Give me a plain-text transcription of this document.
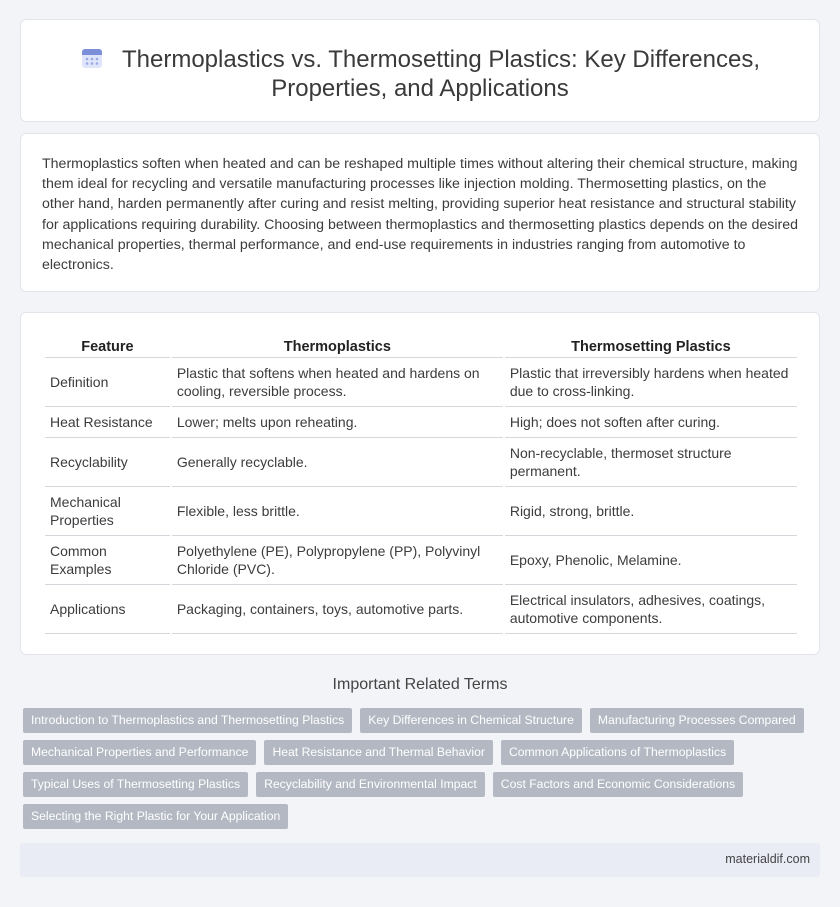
Thermoplastics vs. Thermosetting Plastics: Key Differences, Properties, and Applications

Thermoplastics soften when heated and can be reshaped multiple times without altering their chemical structure, making them ideal for recycling and versatile manufacturing processes like injection molding. Thermosetting plastics, on the other hand, harden permanently after curing and resist melting, providing superior heat resistance and structural stability for applications requiring durability. Choosing between thermoplastics and thermosetting plastics depends on the desired mechanical properties, thermal performance, and end-use requirements in industries ranging from automotive to electronics.

Feature	Thermoplastics	Thermosetting Plastics
Definition	Plastic that softens when heated and hardens on cooling, reversible process.	Plastic that irreversibly hardens when heated due to cross-linking.
Heat Resistance	Lower; melts upon reheating.	High; does not soften after curing.
Recyclability	Generally recyclable.	Non-recyclable, thermoset structure permanent.
Mechanical Properties	Flexible, less brittle.	Rigid, strong, brittle.
Common Examples	Polyethylene (PE), Polypropylene (PP), Polyvinyl Chloride (PVC).	Epoxy, Phenolic, Melamine.
Applications	Packaging, containers, toys, automotive parts.	Electrical insulators, adhesives, coatings, automotive components.
Important Related Terms
Introduction to Thermoplastics and Thermosetting Plastics	Key Differences in Chemical Structure	Manufacturing Processes Compared
Mechanical Properties and Performance	Heat Resistance and Thermal Behavior	Common Applications of Thermoplastics
Typical Uses of Thermosetting Plastics	Recyclability and Environmental Impact	Cost Factors and Economic Considerations
Selecting the Right Plastic for Your Application
materialdif.com
